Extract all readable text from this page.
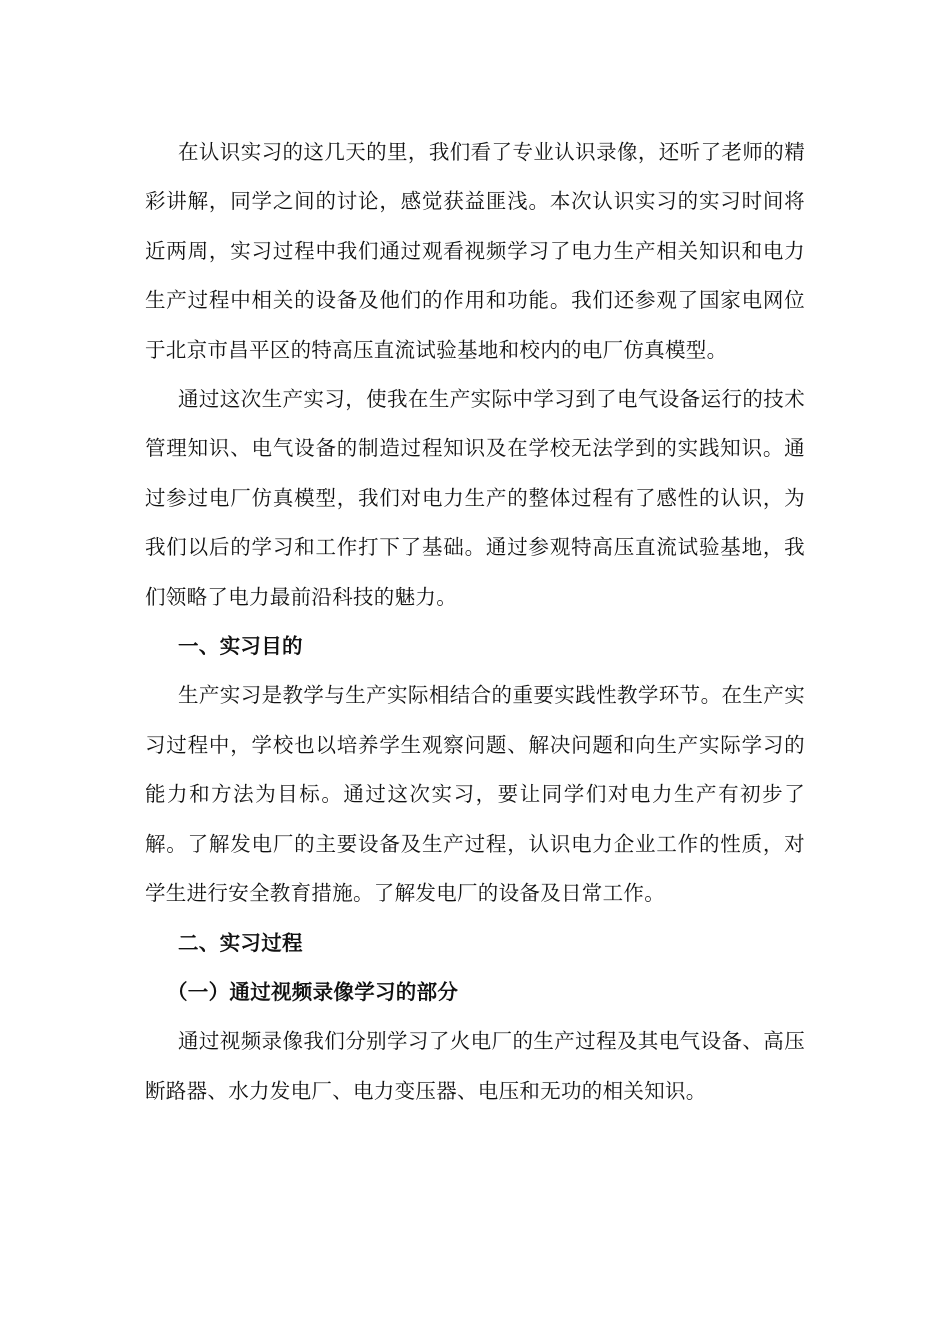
在认识实习的这几天的里，我们看了专业认识录像，还听了老师的精彩讲解，同学之间的讨论，感觉获益匪浅。本次认识实习的实习时间将近两周，实习过程中我们通过观看视频学习了电力生产相关知识和电力生产过程中相关的设备及他们的作用和功能。我们还参观了国家电网位于北京市昌平区的特高压直流试验基地和校内的电厂仿真模型。

通过这次生产实习，使我在生产实际中学习到了电气设备运行的技术管理知识、电气设备的制造过程知识及在学校无法学到的实践知识。通过参过电厂仿真模型，我们对电力生产的整体过程有了感性的认识，为我们以后的学习和工作打下了基础。通过参观特高压直流试验基地，我们领略了电力最前沿科技的魅力。

一、实习目的

生产实习是教学与生产实际相结合的重要实践性教学环节。在生产实习过程中，学校也以培养学生观察问题、解决问题和向生产实际学习的能力和方法为目标。通过这次实习，要让同学们对电力生产有初步了解。了解发电厂的主要设备及生产过程，认识电力企业工作的性质，对学生进行安全教育措施。了解发电厂的设备及日常工作。

二、实习过程

（一）通过视频录像学习的部分

通过视频录像我们分别学习了火电厂的生产过程及其电气设备、高压断路器、水力发电厂、电力变压器、电压和无功的相关知识。
